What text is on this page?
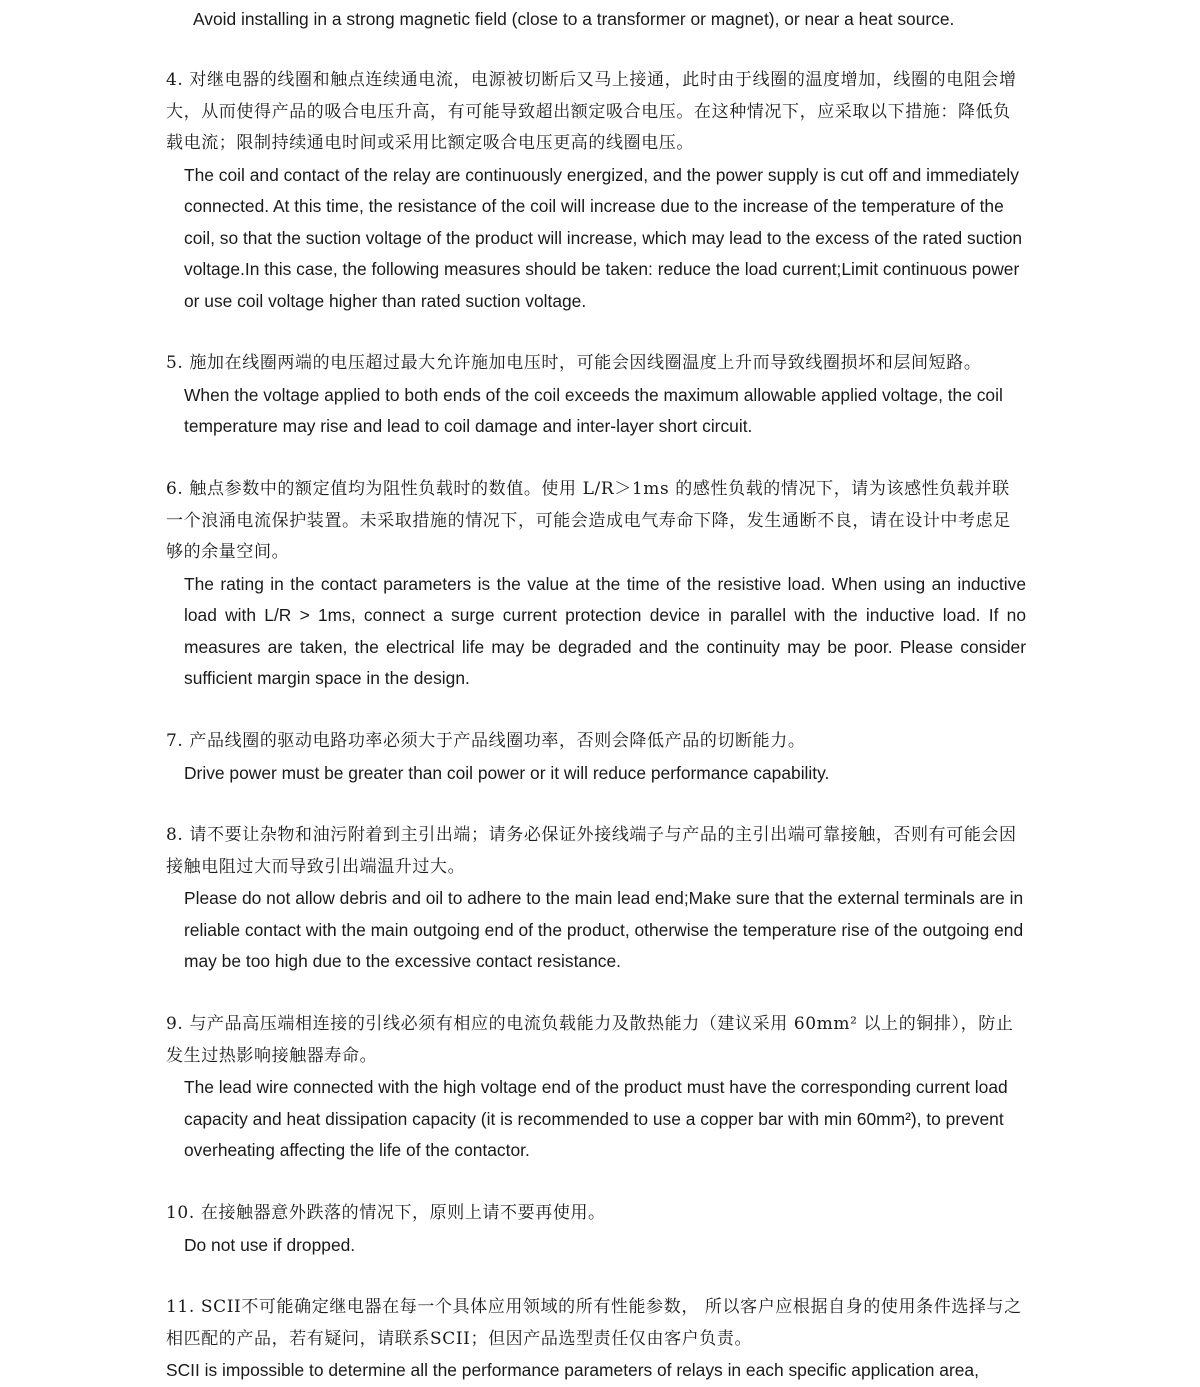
Avoid installing in a strong magnetic field (close to a transformer or magnet), or near a heat source.

4. 对继电器的线圈和触点连续通电流，电源被切断后又马上接通，此时由于线圈的温度增加，线圈的电阻会增大，从而使得产品的吸合电压升高，有可能导致超出额定吸合电压。在这种情况下，应采取以下措施：降低负载电流；限制持续通电时间或采用比额定吸合电压更高的线圈电压。

The coil and contact of the relay are continuously energized, and the power supply is cut off and immediately connected. At this time, the resistance of the coil will increase due to the increase of the temperature of the coil, so that the suction voltage of the product will increase, which may lead to the excess of the rated suction voltage.In this case, the following measures should be taken: reduce the load current;Limit continuous power or use coil voltage higher than rated suction voltage.

5. 施加在线圈两端的电压超过最大允许施加电压时，可能会因线圈温度上升而导致线圈损坏和层间短路。

When the voltage applied to both ends of the coil exceeds the maximum allowable applied voltage, the coil temperature may rise and lead to coil damage and inter-layer short circuit.

6. 触点参数中的额定值均为阻性负载时的数值。使用 L/R＞1ms 的感性负载的情况下，请为该感性负载并联一个浪涌电流保护装置。未采取措施的情况下，可能会造成电气寿命下降，发生通断不良，请在设计中考虑足够的余量空间。

The rating in the contact parameters is the value at the time of the resistive load. When using an inductive load with L/R > 1ms, connect a surge current protection device in parallel with the inductive load. If no measures are taken, the electrical life may be degraded and the continuity may be poor. Please consider sufficient margin space in the design.

7. 产品线圈的驱动电路功率必须大于产品线圈功率，否则会降低产品的切断能力。

Drive power must be greater than coil power or it will reduce performance capability.

8. 请不要让杂物和油污附着到主引出端；请务必保证外接线端子与产品的主引出端可靠接触，否则有可能会因接触电阻过大而导致引出端温升过大。

Please do not allow debris and oil to adhere to the main lead end;Make sure that the external terminals are in reliable contact with the main outgoing end of the product, otherwise the temperature rise of the outgoing end may be too high due to the excessive contact resistance.

9. 与产品高压端相连接的引线必须有相应的电流负载能力及散热能力（建议采用 60mm² 以上的铜排），防止发生过热影响接触器寿命。

The lead wire connected with the high voltage end of the product must have the corresponding current load capacity and heat dissipation capacity (it is recommended to use a copper bar with min 60mm²), to prevent overheating affecting the life of the contactor.

10. 在接触器意外跌落的情况下，原则上请不要再使用。

Do not use if dropped.

11. SCII不可能确定继电器在每一个具体应用领域的所有性能参数， 所以客户应根据自身的使用条件选择与之相匹配的产品，若有疑问，请联系SCII；但因产品选型责任仅由客户负责。

SCII is impossible to determine all the performance parameters of relays in each specific application area,
